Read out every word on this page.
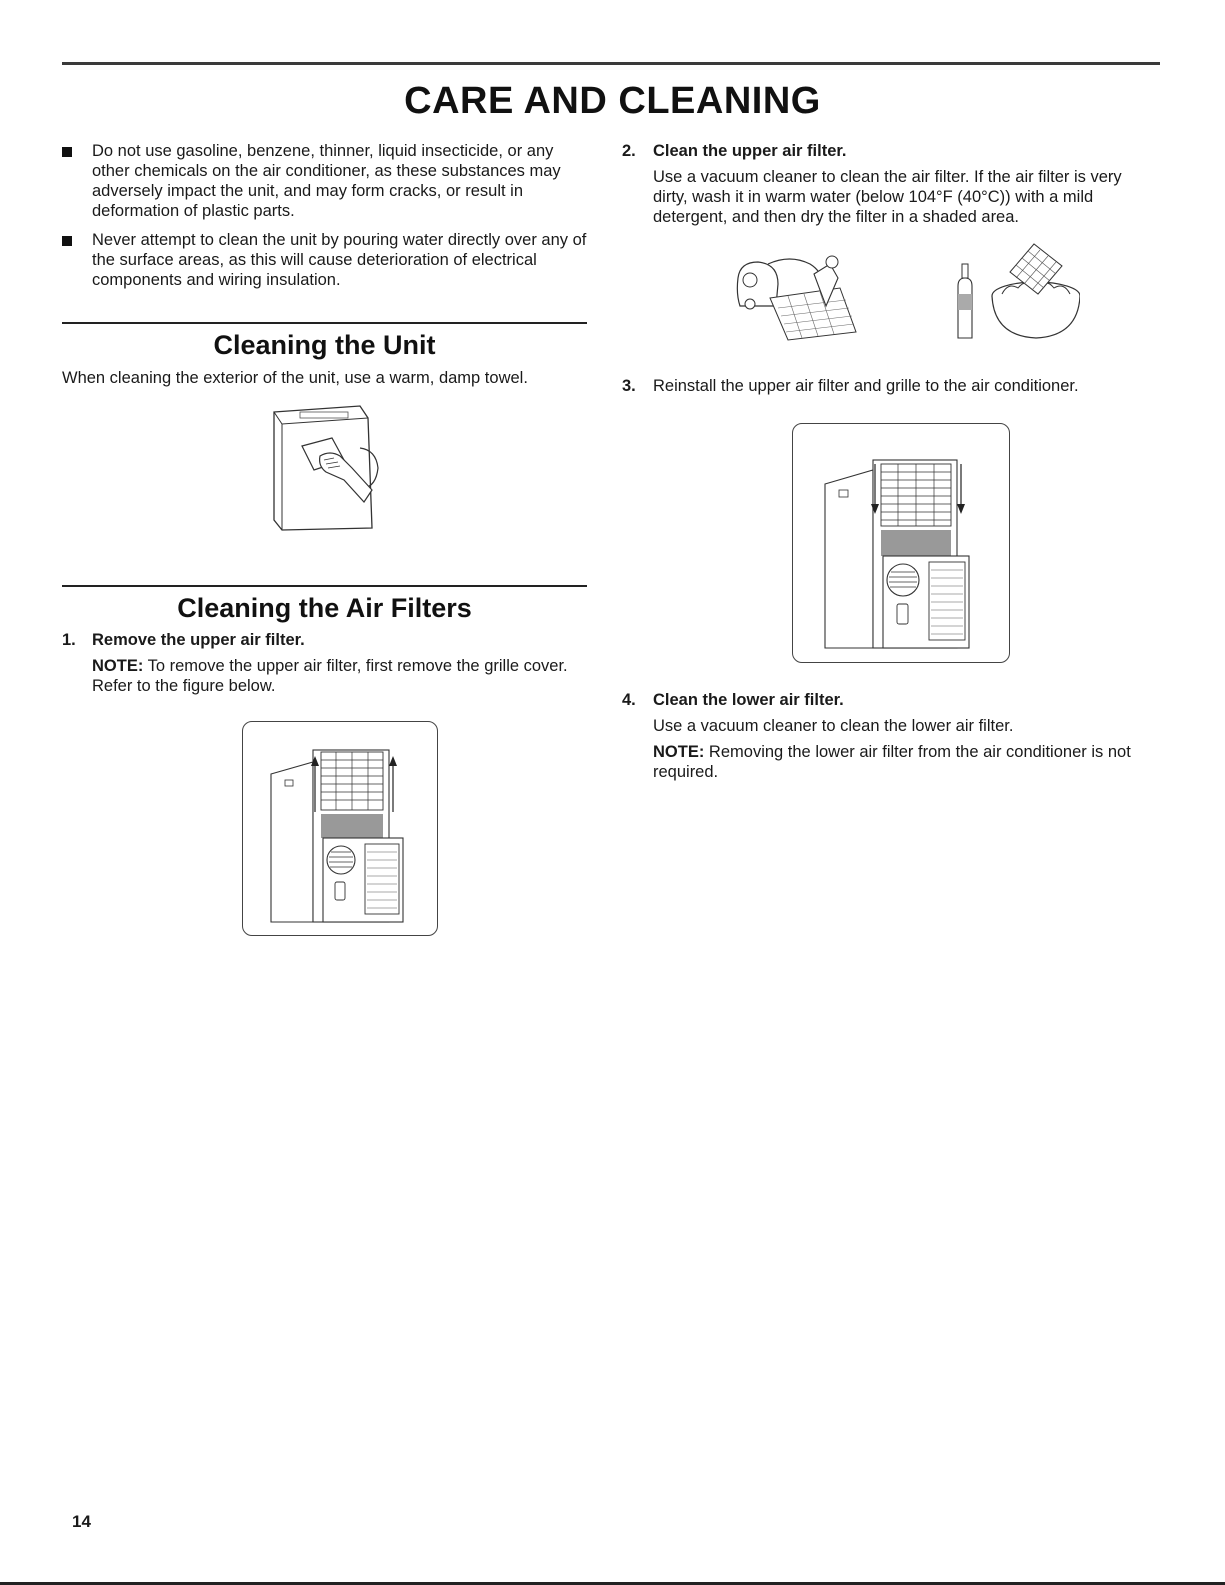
CARE AND CLEANING
Do not use gasoline, benzene, thinner, liquid insecticide, or any other chemicals on the air conditioner, as these substances may adversely impact the unit, and may form cracks, or result in deformation of plastic parts.
Never attempt to clean the unit by pouring water directly over any of the surface areas, as this will cause deterioration of electrical components and wiring insulation.
Cleaning the Unit
When cleaning the exterior of the unit, use a warm, damp towel.
Cleaning the Air Filters
1. Remove the upper air filter.
NOTE: To remove the upper air filter, first remove the grille cover. Refer to the figure below.
2. Clean the upper air filter.
Use a vacuum cleaner to clean the air filter. If the air filter is very dirty, wash it in warm water (below 104°F (40°C)) with a mild detergent, and then dry the filter in a shaded area.
3. Reinstall the upper air filter and grille to the air conditioner.
4. Clean the lower air filter.
Use a vacuum cleaner to clean the lower air filter.
NOTE: Removing the lower air filter from the air conditioner is not required.
14
